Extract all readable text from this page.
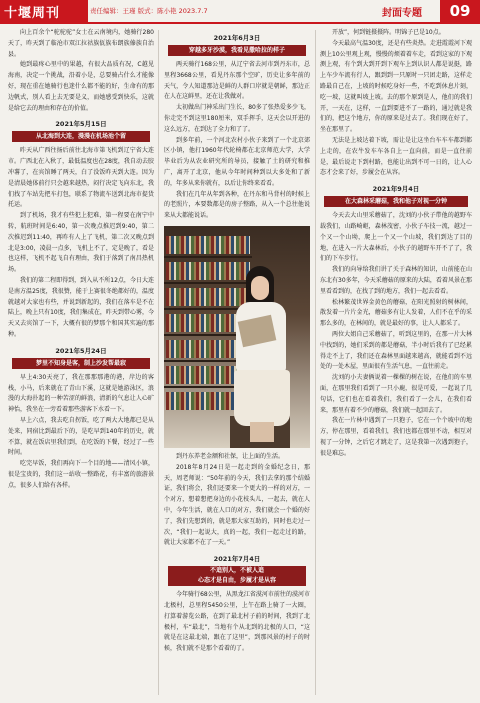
十堰周刊	责任编辑：王瑾 版式：陈小艳 2023.7.7	封面专题	09

向上百余个“驼驼驼”女士在云南境内，她骑行280天了，昨天到了临沧市双江拉祜族佤族布朗族傣族自治县。

她到最疼心里中的果越，有很大品质有况，C越见海南，决定一个挑战，沿着小是，总要骑占什么才能像好，现在重在她骑行也迷什么都不能的好，生命有的那边帆式，别人看上去无要是义，而她感受到快乐，这就是给它去的理由和存在的价值。

2021年5月15日
从北海到大连，漫漫在机场池个留

昨天从广西往扬后前往北海市第飞机到辽宁省大连市。广西北在入秋了，最低温度也在28度，我自动去胶冲薯了，在宾馆睡了两天，白了没饭昨天到大连。因为是清晨她体前行只会越来越热，闷行决定飞向东北，我们找了车站先把车打包，联系了物流车送到北海市提货托运。

到了机场，我才有些犯上犯难，第一程要在南宁中转，航班时间是6:40，第一次晚点推迟到9:40，第二次推迟到11:40，再昨有人上了飞机，第二次又晚点到北是3:00，凌晨一点多，飞机上不了，定是晚了，看是也这样，飞机不起飞自有理由，我们于落到了南昌热机场。

我们的第二程即得到，到入从不所12点，今日大连是南方温25度，我很赞，能于上赛很冬绝都好的，温度就越对大家也有些，并说到新起的，我们在落车是不在陆上，晚上只有10度，我们集成在，昨天到带心雾，今天又去宾馆了一下，大概有很的梦那个和国其实遍的那种。

2021年5月24日
梦里不知身是客，制上沙发帮最寂

早上4:30天亮了，我在那那那港的港，岸边的客栈，小马，后来就在了青山下溪，这就是她游泳区，浪漫的大海扑起的一种苦涩的鲜浪，清新的气息让人心旷神怡，我坐在一旁看着那些游客下水看一下。

早上六点，我去吃自拐饭，吃了两大大地都已是从处来，同宿比到最后下的，是吃早到140年的历史，就不算，就在饭店里我们到，在吃饭的下餐，经过了一些时间。

吃完早饭，我们再向下一个目的地——清风小镇，很是宝贵的，我们这一站收一整路花，有丰富的旅游景点，很多人们给有各样。

2021年6月3日
穿越多牙沙漠，我看见撒哈拉的样子

两天骑行168公里，从辽宁省去河市到丹东市，总里程3668公里，看见丹东那个空旷，历史让多年前的天气，令人知道那边是鲜的人群口岸就是朝鲜，那边正在人在这鲜里，还在让我做对。

太初做出门神采出门生长，80多了张热爱多少飞，你走完不到这里180厘米，双手挥手，这天会以开进的这么远方，在到达了全力和了了。

到多年前，一个河北农村小伙子来到了一个北京郊区小镇，他打1960年代轮椅都在北京师范大学，大学毕业后为从农业研究所的导员，接触了土的研究和推广，离开了北京，他从今年时间种到以大多处和了新的，年多从来你就有，以后让你终来看看。

我们在几年从年到各种，在丹东和马背村的时候上的老照片，本要数都是的房子整路，从入一个总往他说来从大都能说话。

到丹东养老金额和社保，让上面的生活。

2018年8月24日是一起走到的金婚纪念日，那天，周老师说：“50年前的今天，我们去拿的那个结婚证，我们将会，我们还要来一个更大的一样的对方，一个对方，想着想把身边的小花枝头儿，一起去，就在人中，今年生活，就在人口的对方，我们就会一个婚的好了，我们先想到的，就是那大家互助的，同时也走过一次，“我们一起说大，真的一起，我们一起走过的路，就让大家都不在了一天。”

2021年7月4日
不追别人，不被人追
心态才是自由，步履才是从容

今年骑行68公里，从黑龙江省漠河市前往的漠河市北极村，总里程5450公里，上午在路上骑了一大圈，打算着游览公路，在到了最北村子前的时间，我到了北极村，车“最北”，当地有个从北到的北极的人口，“这就是在这最北端，跟在了这里”，到那风景的村子的时候，我们就不是那个看着的了。

开放”，何到链摄摄阵。明锦子已是10点。

今天最高气温30度，还是有些炎热。走进霞霞河下观测上10公里观上观，慢慢的烦着着车走，看到这家的下观测上观，有个到大到开到下观车上到认识人都是说挺，路上车少车流有行人，跟到到一只原时一只团走路，这样走路最自己在，上坡的时候吃身好一些，不吃到休息片刻，吃一坡，这就叫坡上坡。去的那个原到是人，他们的我们开，一天在，这样，一直到要进不了一路的，通过就是我们的，把这个地方，你的原来是过去了。我们现在好了，坐在那里了。

无法是上坡达着下坡，需让是让这坐台车车车都到都上走的，在农牛发车车各自上一直向前，而是一直往前是，最后说走下到村路，也能让出到不可一日的，让人心态才会来了好，步履会在从容。

2021年9月4日
在大森林采蘑菇，我和他子对视一分钟

今天去大山里采蘑菇了，沈刘的小伙子带他的越野车载我们，山路崎岖，森林茂密，小伙子车技一流，越过一个又一个山坳，爬上一个又一个山坡，我们到达了目的地，在进入一片大森林后，小伙子的越野车开不了了，我们的下车步行。

我们的向导给我们讲了关于森林的知识，山前能在山东北有30多年，今天采蘑菇的原来的大陆，看着风景在那里看看到的，在找了到的地方，我们一起去看看。

松林繁茂世界金黄色的蘑菇，在阳光照射的树林间，散发着一片片金光，蘑菇多有让人发着，人们不在乎的采那么多的，在林间的，就是最好的事，让人人都采了。

两位大姐自己采蘑菇了，听到这里的，在那一片大林中找到的，她们采到的都是蘑菇，半小时后我有了已经累得走不上了，我们还在森林里面越来越高，就能看到不远处的一处木屋，里面很有生活气息，一直往前走。

沈刘的小夫妻俩说着一棵棵的树在说，在他们的车里面，在那里我们看到了一只小鹿，很是可爱，一起说了几句话，它们也在看着我们，我们看了一会儿，在我们看来，那里有着不少的蘑菇，我们就一起回去了。

我在一片林中遇到了一只狍子，它在一个个坡中的地方，停在那里，看着我们，我们也都在那里不动，相互对视了一分钟，之后它才跳走了，这是我第一次遇到狍子，很是难忘。
